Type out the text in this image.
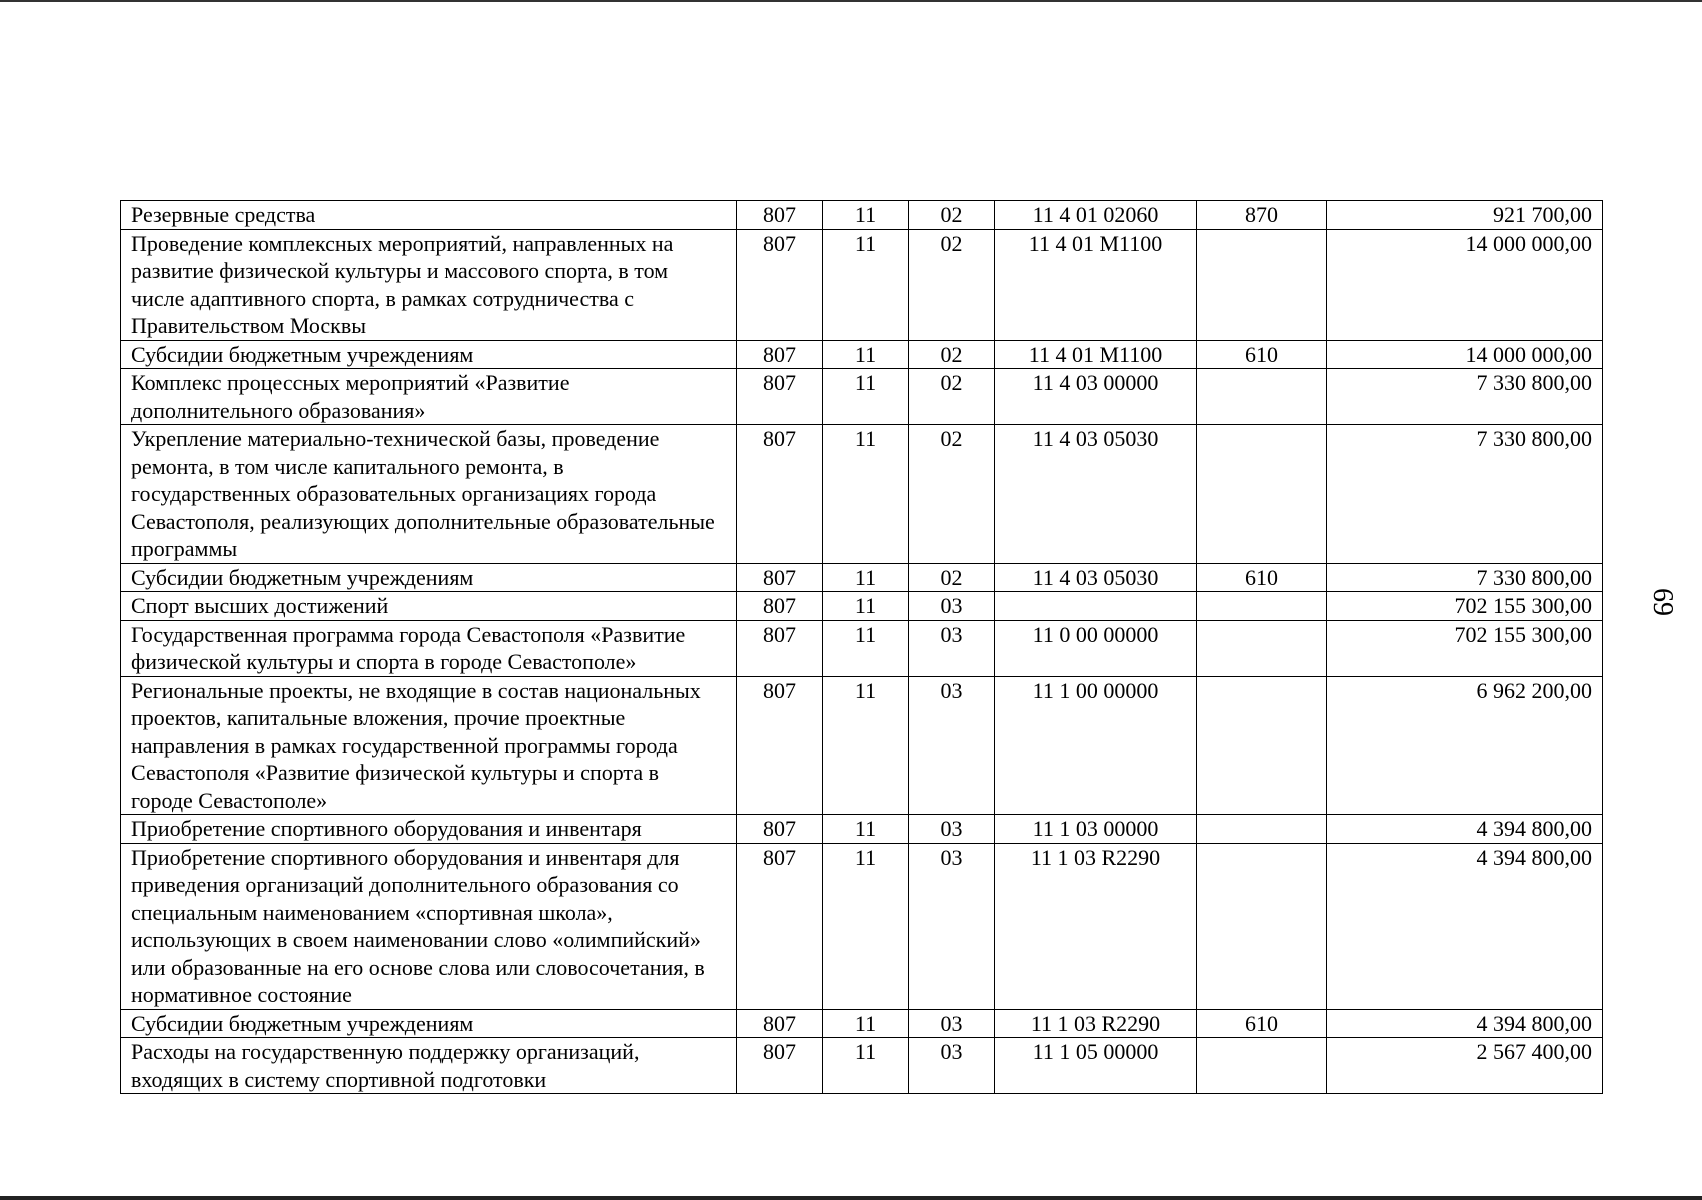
Резервные средства	807	11	02	11 4 01 02060	870	921 700,00
Проведение комплексных мероприятий, направленных на развитие физической культуры и массового спорта, в том числе адаптивного спорта, в рамках сотрудничества с Правительством Москвы	807	11	02	11 4 01 М1100		14 000 000,00
Субсидии бюджетным учреждениям	807	11	02	11 4 01 М1100	610	14 000 000,00
Комплекс процессных мероприятий «Развитие дополнительного образования»	807	11	02	11 4 03 00000		7 330 800,00
Укрепление материально-технической базы, проведение ремонта, в том числе капитального ремонта, в государственных образовательных организациях города Севастополя, реализующих дополнительные образовательные программы	807	11	02	11 4 03 05030		7 330 800,00
Субсидии бюджетным учреждениям	807	11	02	11 4 03 05030	610	7 330 800,00
Спорт высших достижений	807	11	03			702 155 300,00
Государственная программа города Севастополя «Развитие физической культуры и спорта в городе Севастополе»	807	11	03	11 0 00 00000		702 155 300,00
Региональные проекты, не входящие в состав национальных проектов, капитальные вложения, прочие проектные направления в рамках государственной программы города Севастополя «Развитие физической культуры и спорта в городе Севастополе»	807	11	03	11 1 00 00000		6 962 200,00
Приобретение спортивного оборудования и инвентаря	807	11	03	11 1 03 00000		4 394 800,00
Приобретение спортивного оборудования и инвентаря для приведения организаций дополнительного образования со специальным наименованием «спортивная школа», использующих в своем наименовании слово «олимпийский» или образованные на его основе слова или словосочетания, в нормативное состояние	807	11	03	11 1 03 R2290		4 394 800,00
Субсидии бюджетным учреждениям	807	11	03	11 1 03 R2290	610	4 394 800,00
Расходы на государственную поддержку организаций, входящих в систему спортивной подготовки	807	11	03	11 1 05 00000		2 567 400,00
69
